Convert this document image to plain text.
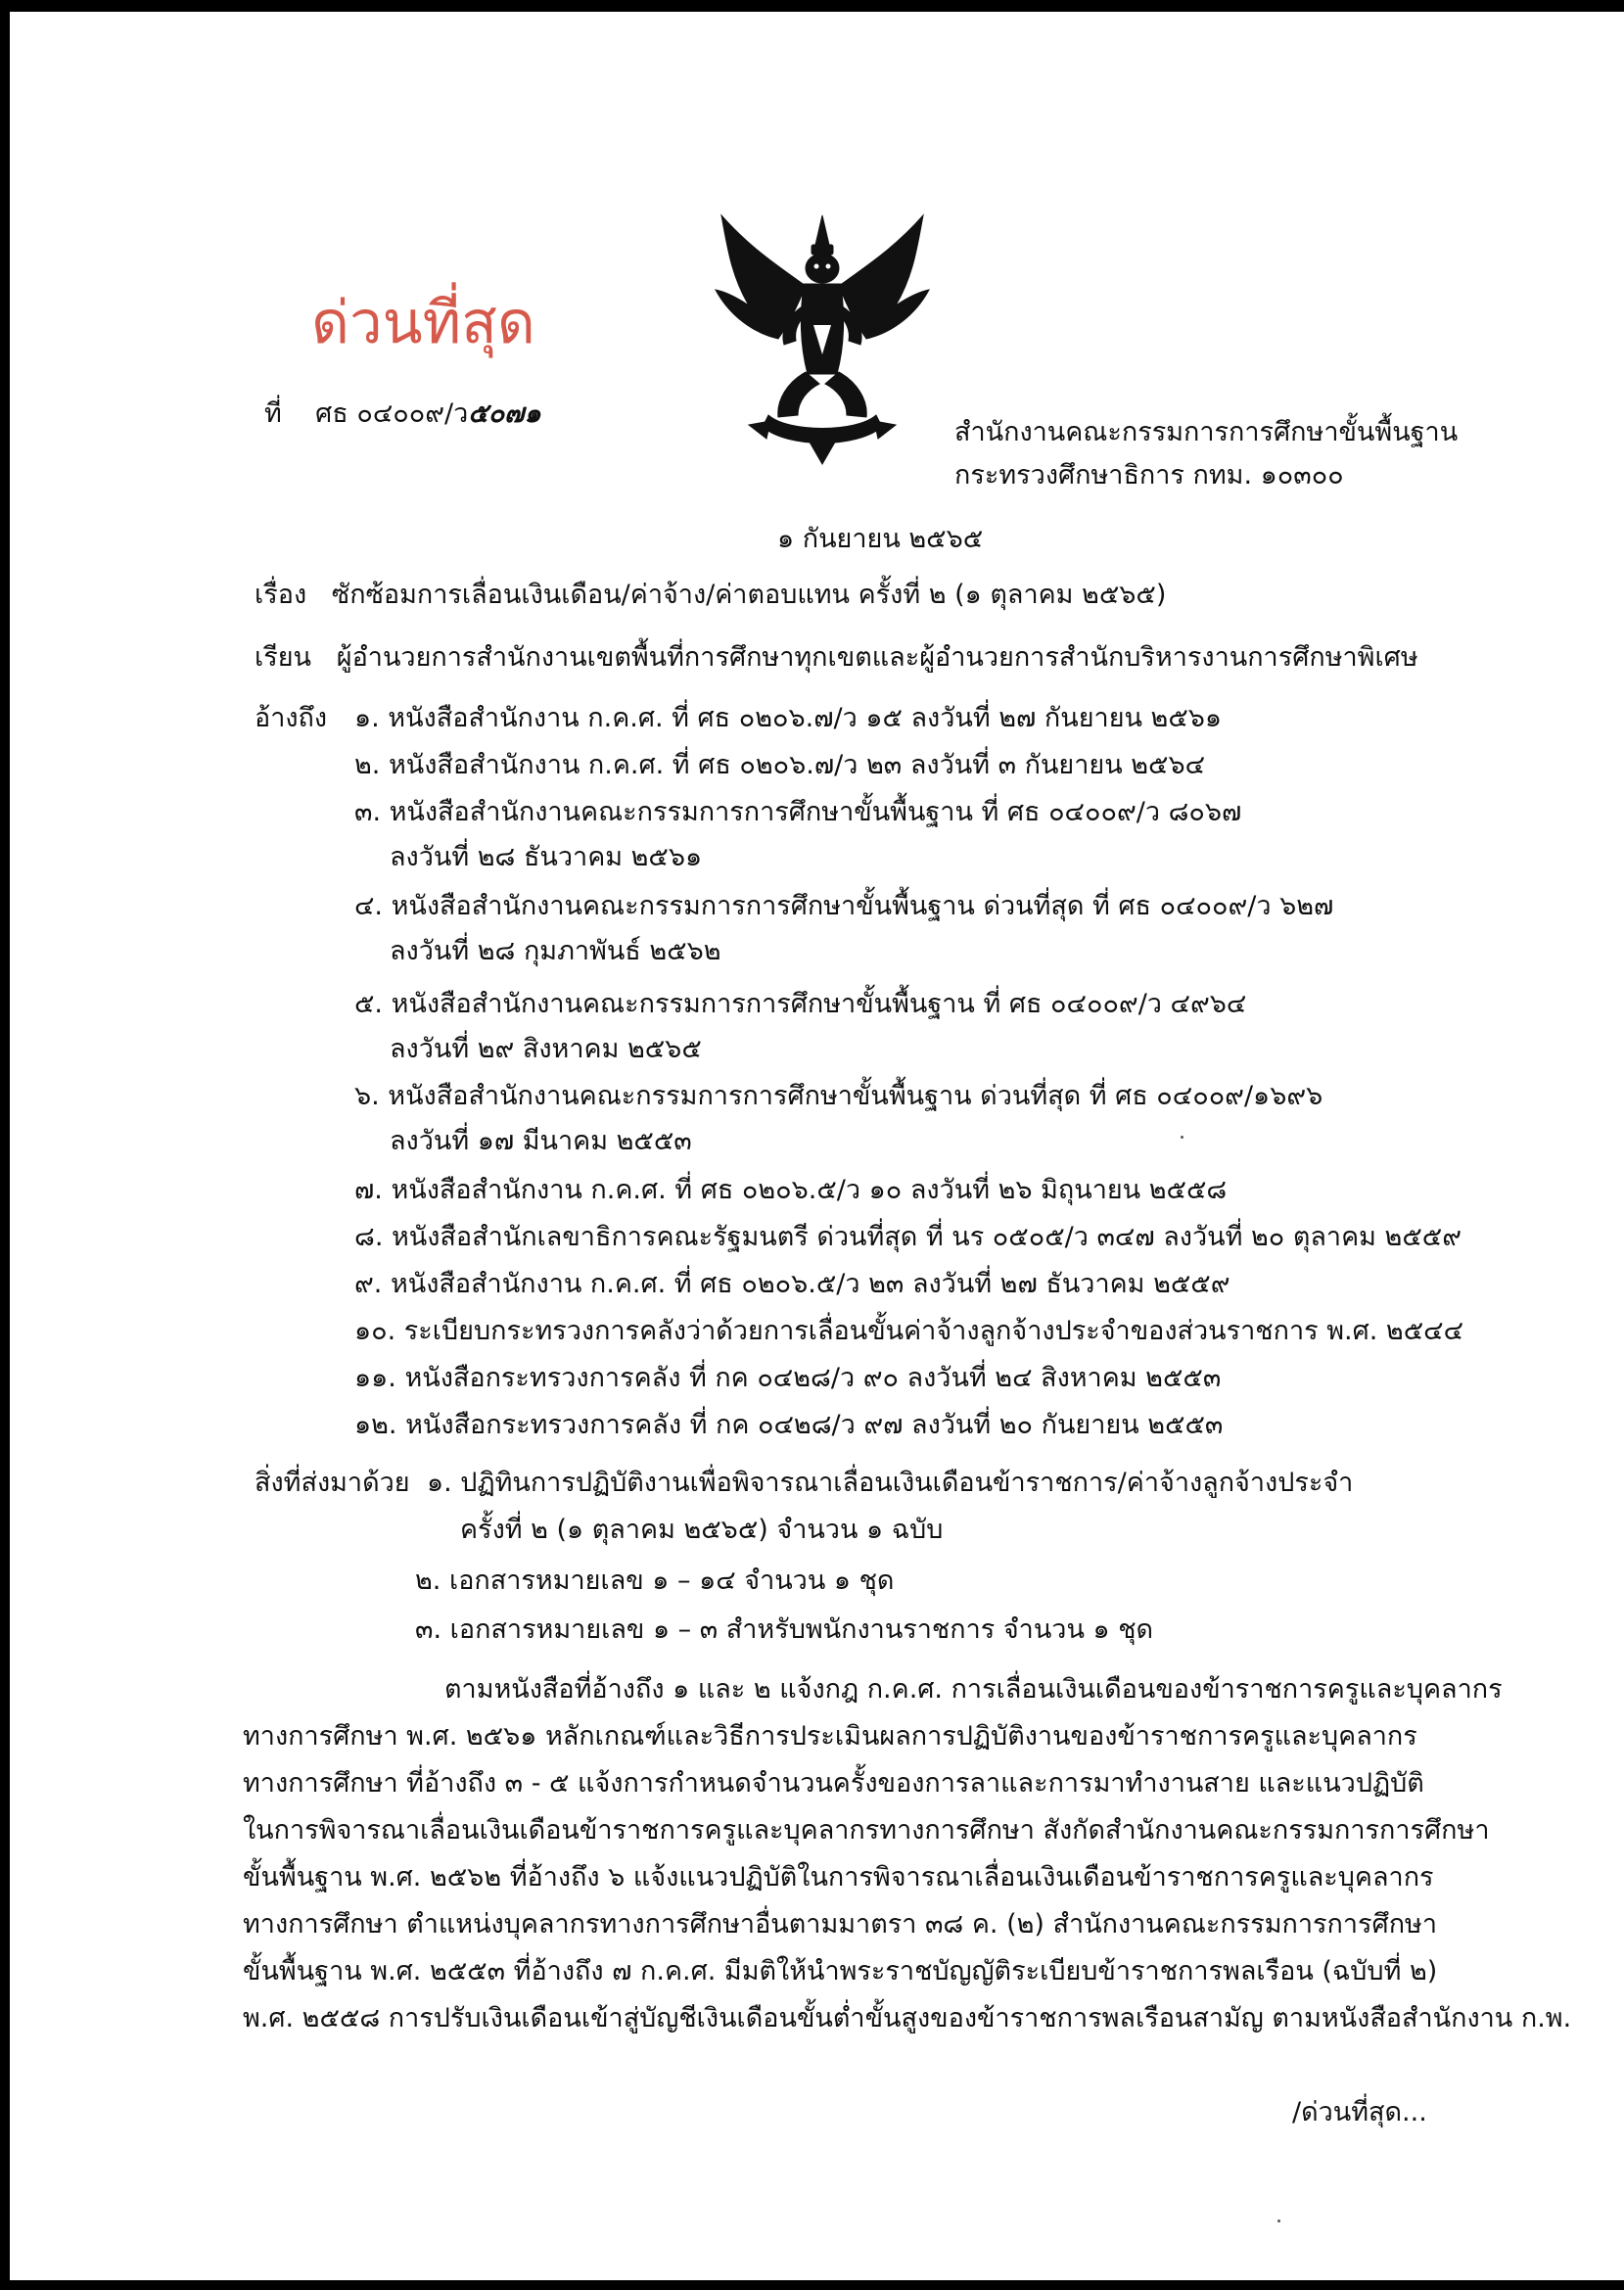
ด่วนที่สุด
ที่ ศธ ๐๔๐๐๙/ว๕๐๗๑
สำนักงานคณะกรรมการการศึกษาขั้นพื้นฐาน
กระทรวงศึกษาธิการ กทม. ๑๐๓๐๐
๑ กันยายน ๒๕๖๕
เรื่อง ซักซ้อมการเลื่อนเงินเดือน/ค่าจ้าง/ค่าตอบแทน ครั้งที่ ๒ (๑ ตุลาคม ๒๕๖๕)
เรียน ผู้อำนวยการสำนักงานเขตพื้นที่การศึกษาทุกเขตและผู้อำนวยการสำนักบริหารงานการศึกษาพิเศษ
อ้างถึง ๑. หนังสือสำนักงาน ก.ค.ศ. ที่ ศธ ๐๒๐๖.๗/ว ๑๕ ลงวันที่ ๒๗ กันยายน ๒๕๖๑
๒. หนังสือสำนักงาน ก.ค.ศ. ที่ ศธ ๐๒๐๖.๗/ว ๒๓ ลงวันที่ ๓ กันยายน ๒๕๖๔
๓. หนังสือสำนักงานคณะกรรมการการศึกษาขั้นพื้นฐาน ที่ ศธ ๐๔๐๐๙/ว ๘๐๖๗
ลงวันที่ ๒๘ ธันวาคม ๒๕๖๑
๔. หนังสือสำนักงานคณะกรรมการการศึกษาขั้นพื้นฐาน ด่วนที่สุด ที่ ศธ ๐๔๐๐๙/ว ๖๒๗
ลงวันที่ ๒๘ กุมภาพันธ์ ๒๕๖๒
๕. หนังสือสำนักงานคณะกรรมการการศึกษาขั้นพื้นฐาน ที่ ศธ ๐๔๐๐๙/ว ๔๙๖๔
ลงวันที่ ๒๙ สิงหาคม ๒๕๖๕
๖. หนังสือสำนักงานคณะกรรมการการศึกษาขั้นพื้นฐาน ด่วนที่สุด ที่ ศธ ๐๔๐๐๙/๑๖๙๖
ลงวันที่ ๑๗ มีนาคม ๒๕๕๓
๗. หนังสือสำนักงาน ก.ค.ศ. ที่ ศธ ๐๒๐๖.๕/ว ๑๐ ลงวันที่ ๒๖ มิถุนายน ๒๕๕๘
๘. หนังสือสำนักเลขาธิการคณะรัฐมนตรี ด่วนที่สุด ที่ นร ๐๕๐๕/ว ๓๔๗ ลงวันที่ ๒๐ ตุลาคม ๒๕๕๙
๙. หนังสือสำนักงาน ก.ค.ศ. ที่ ศธ ๐๒๐๖.๕/ว ๒๓ ลงวันที่ ๒๗ ธันวาคม ๒๕๕๙
๑๐. ระเบียบกระทรวงการคลังว่าด้วยการเลื่อนขั้นค่าจ้างลูกจ้างประจำของส่วนราชการ พ.ศ. ๒๕๔๔
๑๑. หนังสือกระทรวงการคลัง ที่ กค ๐๔๒๘/ว ๙๐ ลงวันที่ ๒๔ สิงหาคม ๒๕๕๓
๑๒. หนังสือกระทรวงการคลัง ที่ กค ๐๔๒๘/ว ๙๗ ลงวันที่ ๒๐ กันยายน ๒๕๕๓
สิ่งที่ส่งมาด้วย ๑. ปฏิทินการปฏิบัติงานเพื่อพิจารณาเลื่อนเงินเดือนข้าราชการ/ค่าจ้างลูกจ้างประจำ
ครั้งที่ ๒ (๑ ตุลาคม ๒๕๖๕) จำนวน ๑ ฉบับ
๒. เอกสารหมายเลข ๑ – ๑๔ จำนวน ๑ ชุด
๓. เอกสารหมายเลข ๑ – ๓ สำหรับพนักงานราชการ จำนวน ๑ ชุด
ตามหนังสือที่อ้างถึง ๑ และ ๒ แจ้งกฎ ก.ค.ศ. การเลื่อนเงินเดือนของข้าราชการครูและบุคลากร
ทางการศึกษา พ.ศ. ๒๕๖๑ หลักเกณฑ์และวิธีการประเมินผลการปฏิบัติงานของข้าราชการครูและบุคลากร
ทางการศึกษา ที่อ้างถึง ๓ - ๕ แจ้งการกำหนดจำนวนครั้งของการลาและการมาทำงานสาย และแนวปฏิบัติ
ในการพิจารณาเลื่อนเงินเดือนข้าราชการครูและบุคลากรทางการศึกษา สังกัดสำนักงานคณะกรรมการการศึกษา
ขั้นพื้นฐาน พ.ศ. ๒๕๖๒ ที่อ้างถึง ๖ แจ้งแนวปฏิบัติในการพิจารณาเลื่อนเงินเดือนข้าราชการครูและบุคลากร
ทางการศึกษา ตำแหน่งบุคลากรทางการศึกษาอื่นตามมาตรา ๓๘ ค. (๒) สำนักงานคณะกรรมการการศึกษา
ขั้นพื้นฐาน พ.ศ. ๒๕๕๓ ที่อ้างถึง ๗ ก.ค.ศ. มีมติให้นำพระราชบัญญัติระเบียบข้าราชการพลเรือน (ฉบับที่ ๒)
พ.ศ. ๒๕๕๘ การปรับเงินเดือนเข้าสู่บัญชีเงินเดือนขั้นต่ำขั้นสูงของข้าราชการพลเรือนสามัญ ตามหนังสือสำนักงาน ก.พ.
/ด่วนที่สุด...
